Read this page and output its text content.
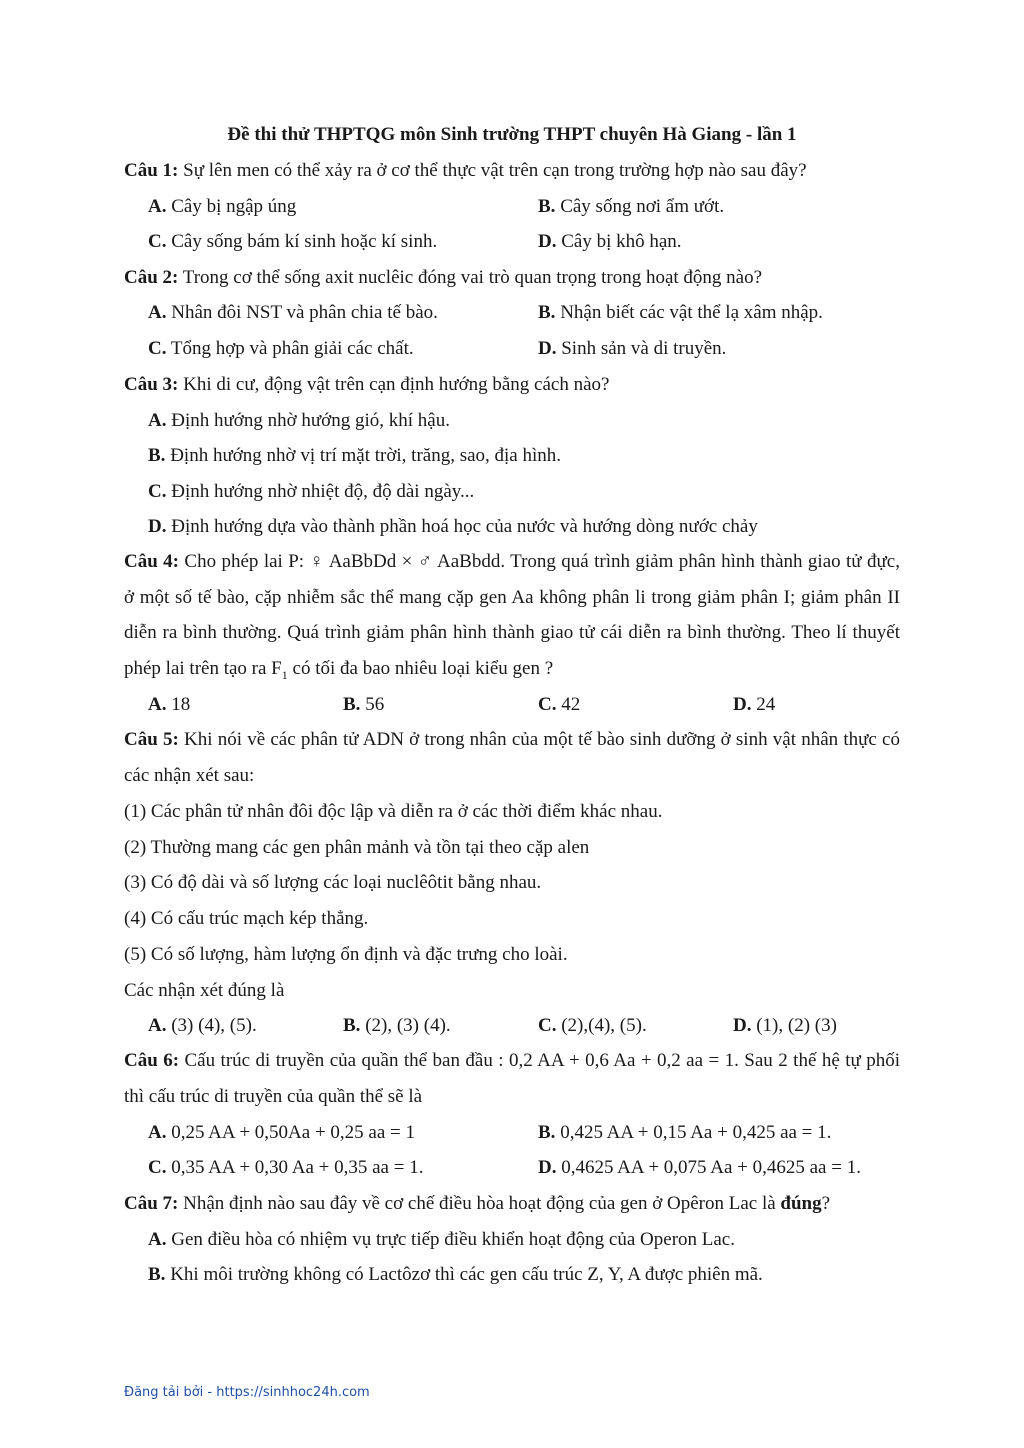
Đề thi thử THPTQG môn Sinh trường THPT chuyên Hà Giang - lần 1
Câu 1: Sự lên men có thể xảy ra ở cơ thể thực vật trên cạn trong trường hợp nào sau đây?
A. Cây bị ngập úng	B. Cây sống nơi ẩm ướt.
C. Cây sống bám kí sinh hoặc kí sinh.	D. Cây bị khô hạn.
Câu 2: Trong cơ thể sống axit nuclêic đóng vai trò quan trọng trong hoạt động nào?
A. Nhân đôi NST và phân chia tế bào.	B. Nhận biết các vật thể lạ xâm nhập.
C. Tổng hợp và phân giải các chất.	D. Sinh sản và di truyền.
Câu 3: Khi di cư, động vật trên cạn định hướng bằng cách nào?
A. Định hướng nhờ hướng gió, khí hậu.
B. Định hướng nhờ vị trí mặt trời, trăng, sao, địa hình.
C. Định hướng nhờ nhiệt độ, độ dài ngày...
D. Định hướng dựa vào thành phần hoá học của nước và hướng dòng nước chảy
Câu 4: Cho phép lai P: ♀ AaBbDd × ♂ AaBbdd. Trong quá trình giảm phân hình thành giao tử đực, ở một số tế bào, cặp nhiễm sắc thể mang cặp gen Aa không phân li trong giảm phân I; giảm phân II diễn ra bình thường. Quá trình giảm phân hình thành giao tử cái diễn ra bình thường. Theo lí thuyết phép lai trên tạo ra $F_1$ có tối đa bao nhiêu loại kiểu gen ?
A. 18	B. 56	C. 42	D. 24
Câu 5: Khi nói về các phân tử ADN ở trong nhân của một tế bào sinh dưỡng ở sinh vật nhân thực có các nhận xét sau:
(1) Các phân tử nhân đôi độc lập và diễn ra ở các thời điểm khác nhau.
(2) Thường mang các gen phân mảnh và tồn tại theo cặp alen
(3) Có độ dài và số lượng các loại nuclêôtit bằng nhau.
(4) Có cấu trúc mạch kép thẳng.
(5) Có số lượng, hàm lượng ổn định và đặc trưng cho loài.
Các nhận xét đúng là
A. (3) (4), (5).	B. (2), (3) (4).	C. (2),(4), (5).	D. (1), (2) (3)
Câu 6: Cấu trúc di truyền của quần thể ban đầu : 0,2 AA + 0,6 Aa + 0,2 aa = 1. Sau 2 thế hệ tự phối thì cấu trúc di truyền của quần thể sẽ là
A. 0,25 AA + 0,50Aa + 0,25 aa = 1	B. 0,425 AA + 0,15 Aa + 0,425 aa = 1.
C. 0,35 AA + 0,30 Aa + 0,35 aa = 1.	D. 0,4625 AA + 0,075 Aa + 0,4625 aa = 1.
Câu 7: Nhận định nào sau đây về cơ chế điều hòa hoạt động của gen ở Opêron Lac là đúng?
A. Gen điều hòa có nhiệm vụ trực tiếp điều khiển hoạt động của Operon Lac.
B. Khi môi trường không có Lactôzơ thì các gen cấu trúc Z, Y, A được phiên mã.
Đăng tải bởi - https://sinhhoc24h.com
